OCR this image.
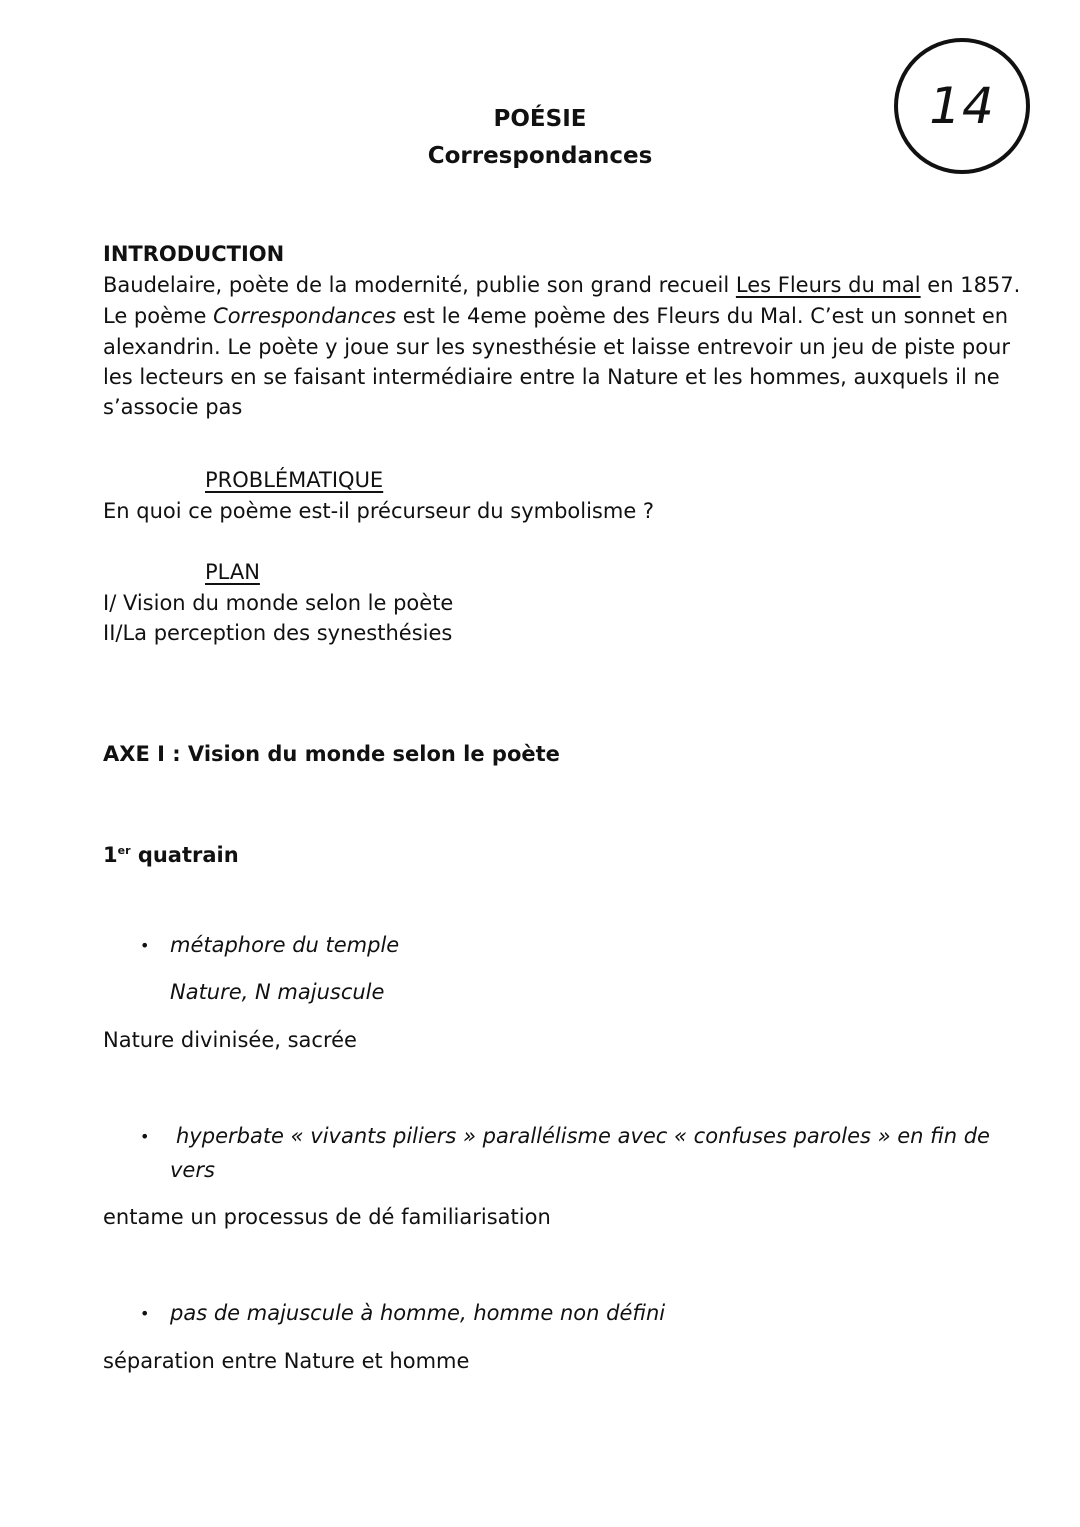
14
POÉSIE
Correspondances
INTRODUCTION
Baudelaire, poète de la modernité, publie son grand recueil Les Fleurs du mal en 1857.
Le poème Correspondances est le 4eme poème des Fleurs du Mal. C’est un sonnet en
alexandrin. Le poète y joue sur les synesthésie et laisse entrevoir un jeu de piste pour
les lecteurs en se faisant intermédiaire entre la Nature et les hommes, auxquels il ne
s’associe pas
PROBLÉMATIQUE
En quoi ce poème est-il précurseur du symbolisme ?
PLAN
I/ Vision du monde selon le poète
II/La perception des synesthésies
AXE I : Vision du monde selon le poète
1er quatrain
• métaphore du temple
Nature, N majuscule
Nature divinisée, sacrée
• hyperbate « vivants piliers » parallélisme avec « confuses paroles » en fin de
vers
entame un processus de dé familiarisation
• pas de majuscule à homme, homme non défini
séparation entre Nature et homme
